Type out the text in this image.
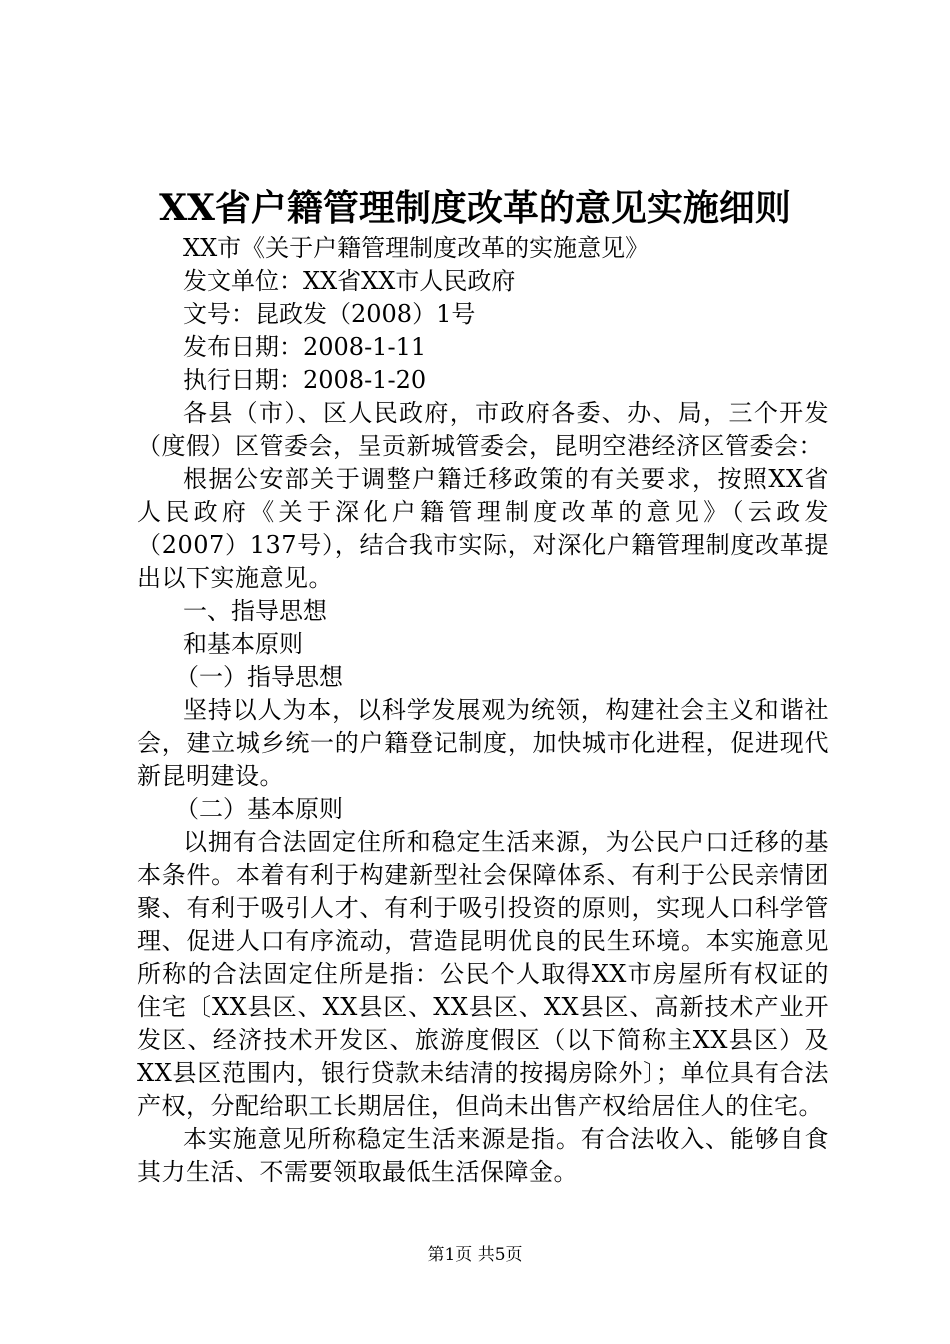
XX省户籍管理制度改革的意见实施细则
XX市《关于户籍管理制度改革的实施意见》
发文单位：XX省XX市人民政府
文号：昆政发（2008）1号
发布日期：2008-1-11
执行日期：2008-1-20
各县（市）、区人民政府，市政府各委、办、局，三个开发（度假）区管委会，呈贡新城管委会，昆明空港经济区管委会：
根据公安部关于调整户籍迁移政策的有关要求，按照XX省人民政府《关于深化户籍管理制度改革的意见》（云政发（2007）137号），结合我市实际，对深化户籍管理制度改革提出以下实施意见。
一、指导思想
和基本原则
（一）指导思想
坚持以人为本，以科学发展观为统领，构建社会主义和谐社会，建立城乡统一的户籍登记制度，加快城市化进程，促进现代新昆明建设。
（二）基本原则
以拥有合法固定住所和稳定生活来源，为公民户口迁移的基本条件。本着有利于构建新型社会保障体系、有利于公民亲情团聚、有利于吸引人才、有利于吸引投资的原则，实现人口科学管理、促进人口有序流动，营造昆明优良的民生环境。本实施意见所称的合法固定住所是指：公民个人取得XX市房屋所有权证的住宅〔XX县区、XX县区、XX县区、XX县区、高新技术产业开发区、经济技术开发区、旅游度假区（以下简称主XX县区）及XX县区范围内，银行贷款未结清的按揭房除外〕；单位具有合法产权，分配给职工长期居住，但尚未出售产权给居住人的住宅。
本实施意见所称稳定生活来源是指。有合法收入、能够自食其力生活、不需要领取最低生活保障金。
第1页 共5页
